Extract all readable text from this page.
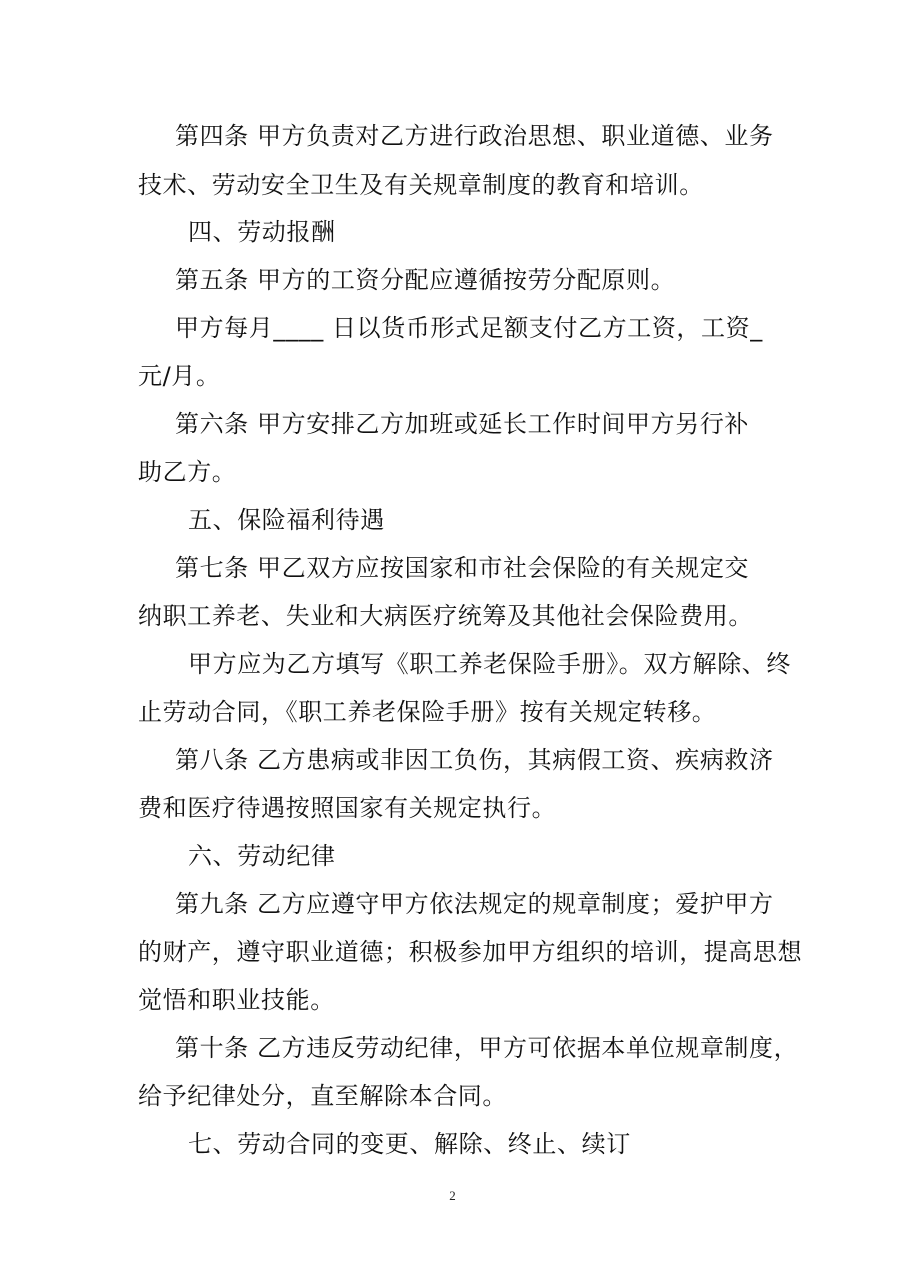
第四条 甲方负责对乙方进行政治思想、职业道德、业务
技术、劳动安全卫生及有关规章制度的教育和培训。
四、劳动报酬
第五条 甲方的工资分配应遵循按劳分配原则。
甲方每月____ 日以货币形式足额支付乙方工资，工资_
元/月。
第六条 甲方安排乙方加班或延长工作时间甲方另行补
助乙方。
五、保险福利待遇
第七条 甲乙双方应按国家和市社会保险的有关规定交
纳职工养老、失业和大病医疗统筹及其他社会保险费用。
甲方应为乙方填写《职工养老保险手册》。双方解除、终
止劳动合同，《职工养老保险手册》按有关规定转移。
第八条 乙方患病或非因工负伤，其病假工资、疾病救济
费和医疗待遇按照国家有关规定执行。
六、劳动纪律
第九条 乙方应遵守甲方依法规定的规章制度；爱护甲方
的财产，遵守职业道德；积极参加甲方组织的培训，提高思想
觉悟和职业技能。
第十条 乙方违反劳动纪律，甲方可依据本单位规章制度，
给予纪律处分，直至解除本合同。
七、劳动合同的变更、解除、终止、续订
2
